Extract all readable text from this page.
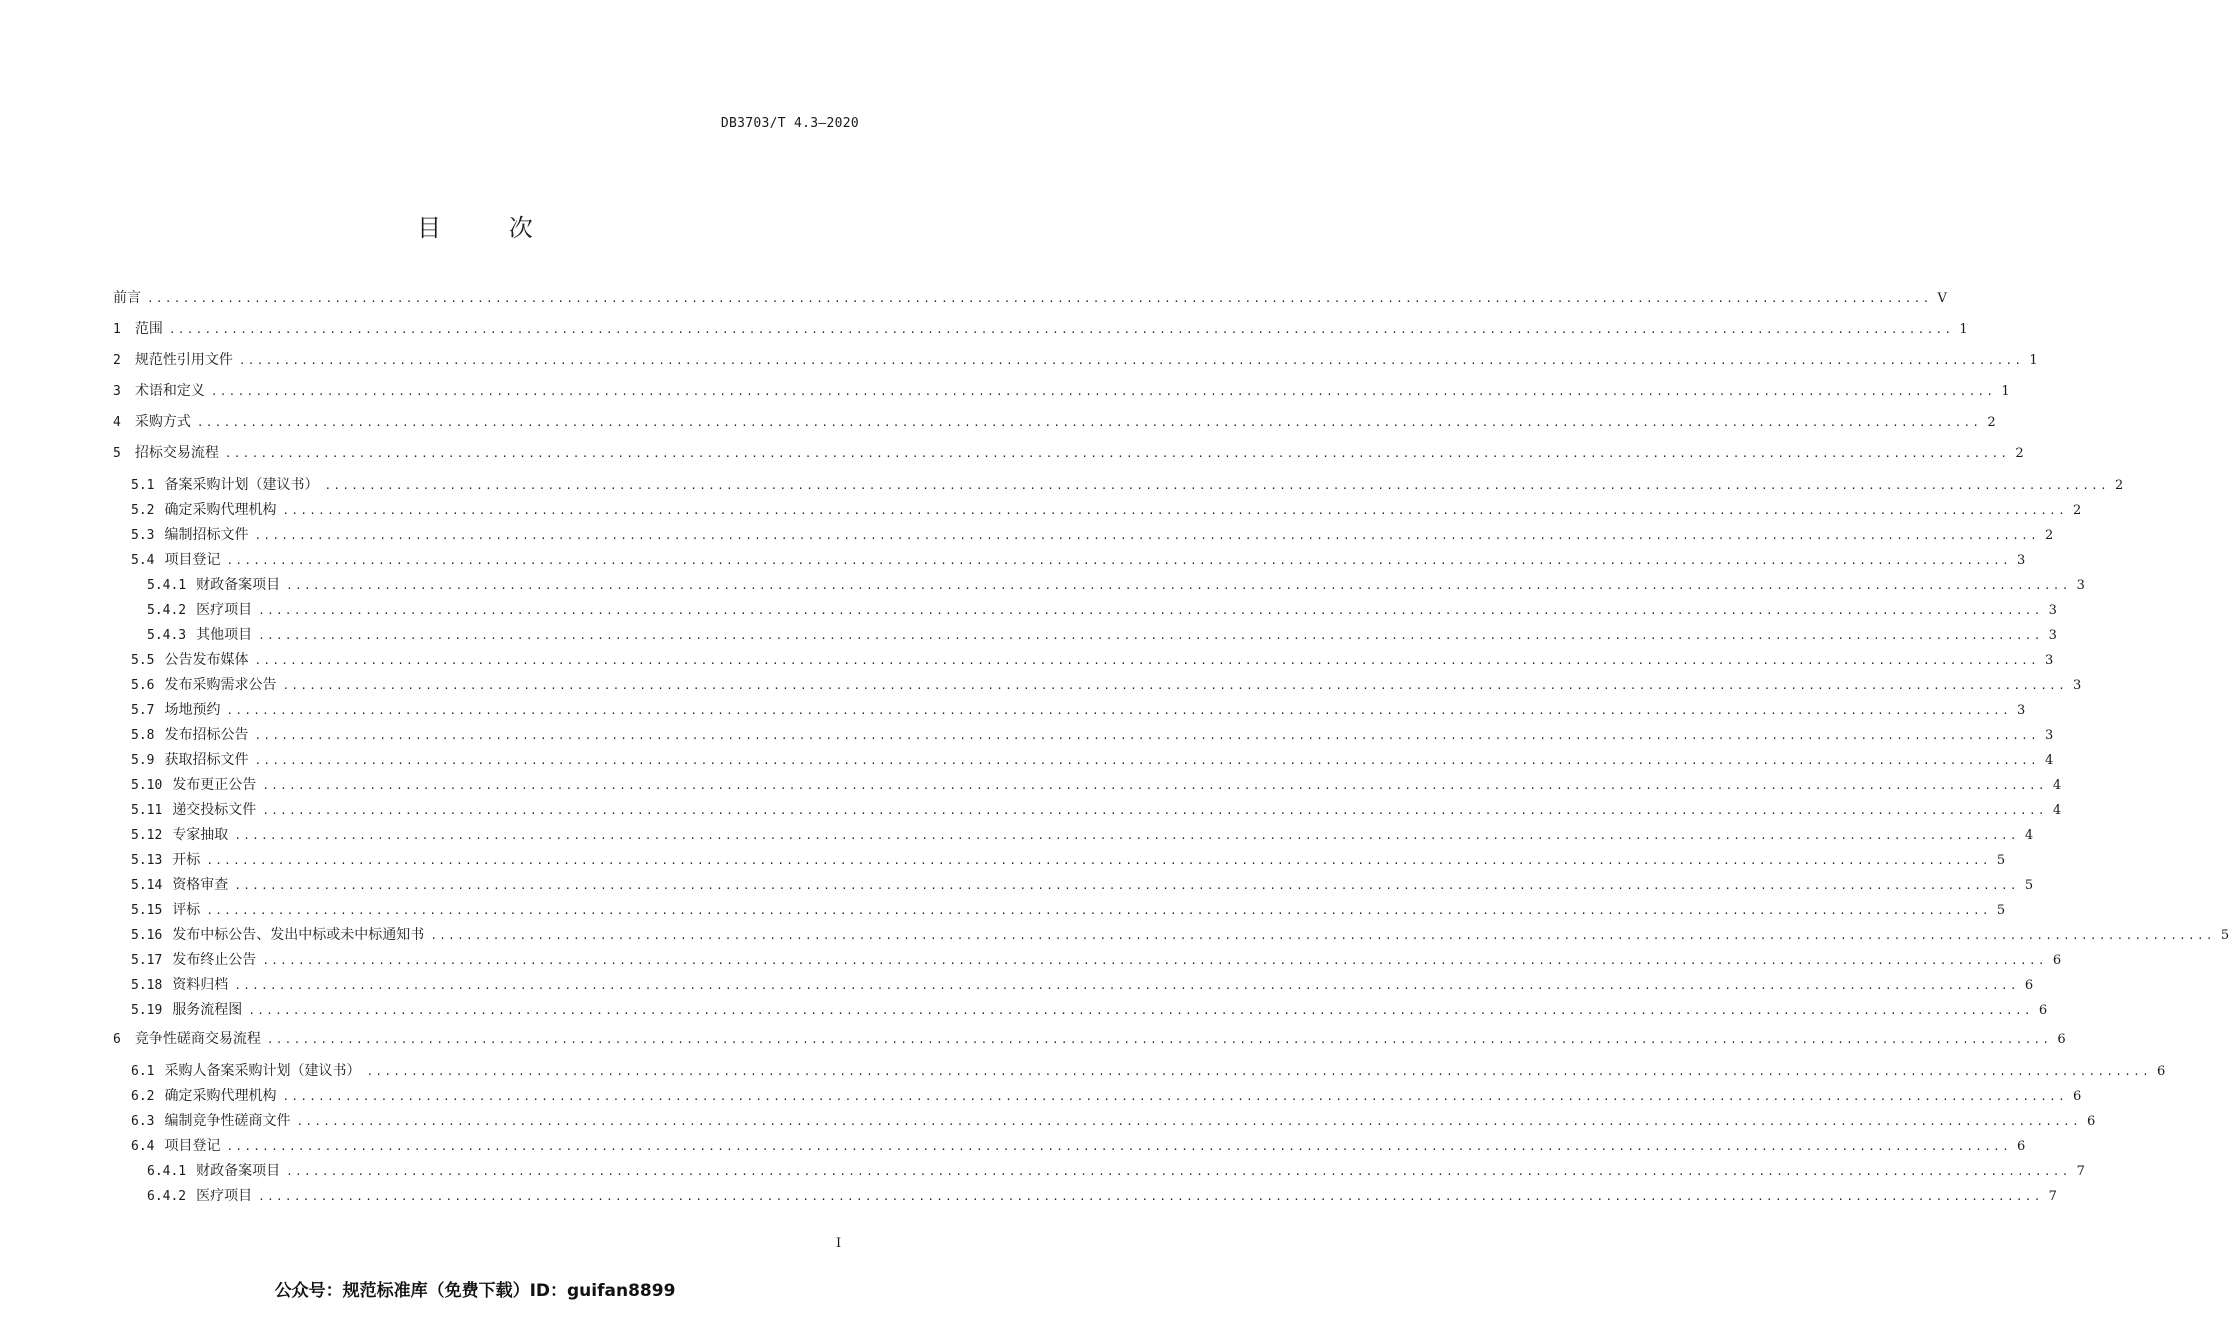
DB3703/T 4.3—2020
目 次
前言 ........................................................................................................................................................................................................ V
1 范围 ........................................................................................................................................................................................................ 1
2 规范性引用文件 ........................................................................................................................................................................................................ 1
3 术语和定义 ........................................................................................................................................................................................................ 1
4 采购方式 ........................................................................................................................................................................................................ 2
5 招标交易流程 ........................................................................................................................................................................................................ 2
5.1 备案采购计划（建议书） ........................................................................................................................................................................................................ 2
5.2 确定采购代理机构 ........................................................................................................................................................................................................ 2
5.3 编制招标文件 ........................................................................................................................................................................................................ 2
5.4 项目登记 ........................................................................................................................................................................................................ 3
5.4.1 财政备案项目 ........................................................................................................................................................................................................ 3
5.4.2 医疗项目 ........................................................................................................................................................................................................ 3
5.4.3 其他项目 ........................................................................................................................................................................................................ 3
5.5 公告发布媒体 ........................................................................................................................................................................................................ 3
5.6 发布采购需求公告 ........................................................................................................................................................................................................ 3
5.7 场地预约 ........................................................................................................................................................................................................ 3
5.8 发布招标公告 ........................................................................................................................................................................................................ 3
5.9 获取招标文件 ........................................................................................................................................................................................................ 4
5.10 发布更正公告 ........................................................................................................................................................................................................ 4
5.11 递交投标文件 ........................................................................................................................................................................................................ 4
5.12 专家抽取 ........................................................................................................................................................................................................ 4
5.13 开标 ........................................................................................................................................................................................................ 5
5.14 资格审查 ........................................................................................................................................................................................................ 5
5.15 评标 ........................................................................................................................................................................................................ 5
5.16 发布中标公告、发出中标或未中标通知书 ........................................................................................................................................................................................................ 5
5.17 发布终止公告 ........................................................................................................................................................................................................ 6
5.18 资料归档 ........................................................................................................................................................................................................ 6
5.19 服务流程图 ........................................................................................................................................................................................................ 6
6 竞争性磋商交易流程 ........................................................................................................................................................................................................ 6
6.1 采购人备案采购计划（建议书） ........................................................................................................................................................................................................ 6
6.2 确定采购代理机构 ........................................................................................................................................................................................................ 6
6.3 编制竞争性磋商文件 ........................................................................................................................................................................................................ 6
6.4 项目登记 ........................................................................................................................................................................................................ 6
6.4.1 财政备案项目 ........................................................................................................................................................................................................ 7
6.4.2 医疗项目 ........................................................................................................................................................................................................ 7
I
公众号：规范标准库（免费下载）ID：guifan8899
